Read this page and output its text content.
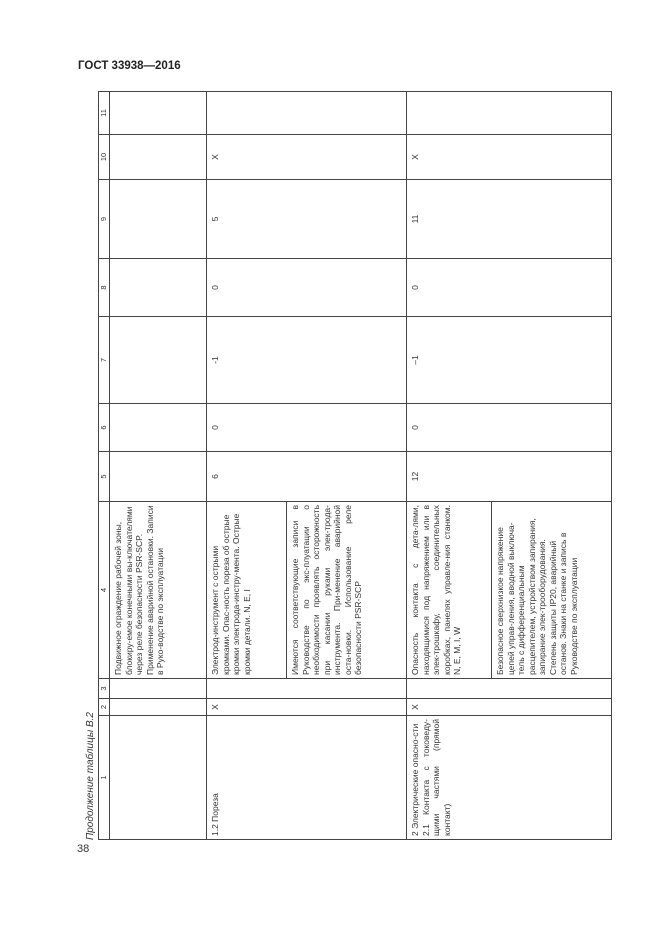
ГОСТ 33938—2016
38
Продолжение таблицы В.2 1	2	3	4	5	6	7	8	9	10	11
			Подвижное ограждение рабочей зоны, блокиру-емое конечными вы-ключателями через реле безопасности PSR-SCP. Применение аварийной остановки. Записи в Руко-водстве по эксплуатации							
1.2 Пореза	X		Электрод-инструмент с острыми кромками. Опас-ность пореза об острые кромки электрода-инстру-мента. Острые кромки детали. N, E, I	6	0	-1	0	5	X	
			Имеются соответствующие записи в Руководстве по экс-плуатации о необходимости проявлять осторожность при касании руками элек-трода-инструмента. При-менение аварийной оста-новки. Использование реле безопасности PSR-SCP							
2 Электрические опасно-сти
2.1 Контакта с токоведу-щими частями (прямой контакт)	X		Опасность контакта с дета-лями, находящимися под напряжением или в элек-трошкафу, соединительных коробках, панелях управле-ния станком. N, E, M, I, W	12	0	–1	0	11	X	
			Безопасное сверхнизкое напряжение цепей управ-ления, вводной выключа-тель с дифференциальным расцепителем, устройством запирания, запирание элек-трооборудования. Степень защиты IP20, аварийный останов. Знаки на станке и запись в Руководстве по эксплуатации							
